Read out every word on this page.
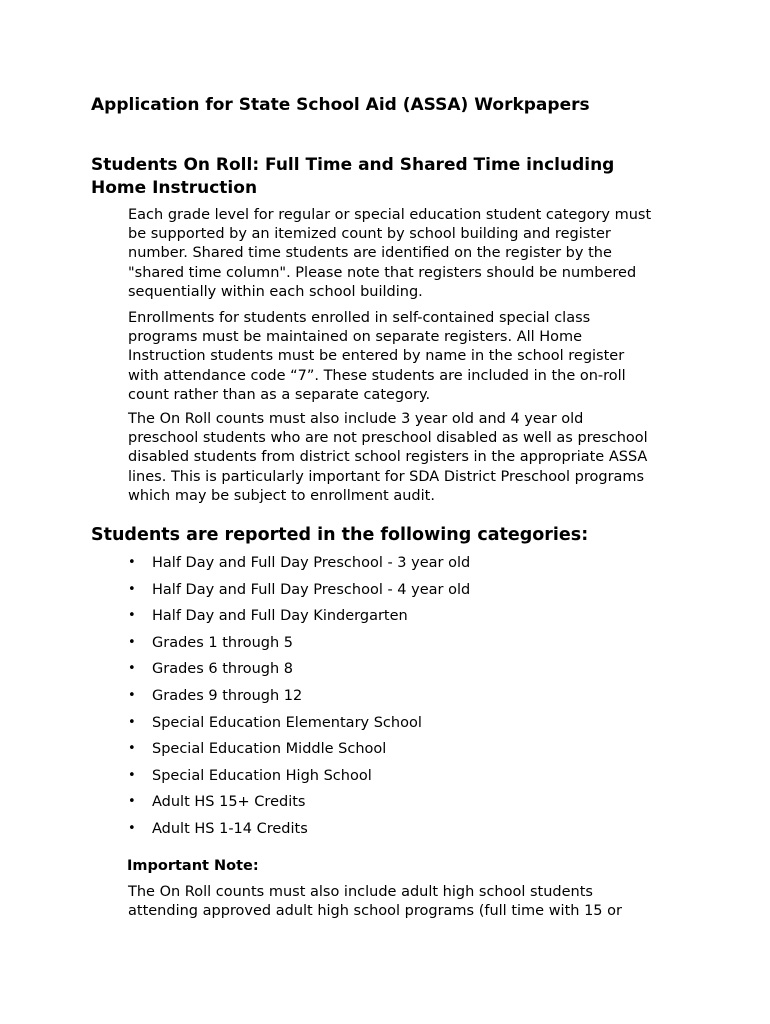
Application for State School Aid (ASSA) Workpapers
Students On Roll: Full Time and Shared Time including
Home Instruction

Each grade level for regular or special education student category must
be supported by an itemized count by school building and register
number. Shared time students are identified on the register by the
"shared time column". Please note that registers should be numbered
sequentially within each school building.

Enrollments for students enrolled in self-contained special class
programs must be maintained on separate registers. All Home
Instruction students must be entered by name in the school register
with attendance code “7”. These students are included in the on-roll
count rather than as a separate category.

The On Roll counts must also include 3 year old and 4 year old
preschool students who are not preschool disabled as well as preschool
disabled students from district school registers in the appropriate ASSA
lines. This is particularly important for SDA District Preschool programs
which may be subject to enrollment audit.

Students are reported in the following categories:
• Half Day and Full Day Preschool - 3 year old
• Half Day and Full Day Preschool - 4 year old
• Half Day and Full Day Kindergarten
• Grades 1 through 5
• Grades 6 through 8
• Grades 9 through 12
• Special Education Elementary School
• Special Education Middle School
• Special Education High School
• Adult HS 15+ Credits
• Adult HS 1-14 Credits
Important Note:

The On Roll counts must also include adult high school students
attending approved adult high school programs (full time with 15 or
